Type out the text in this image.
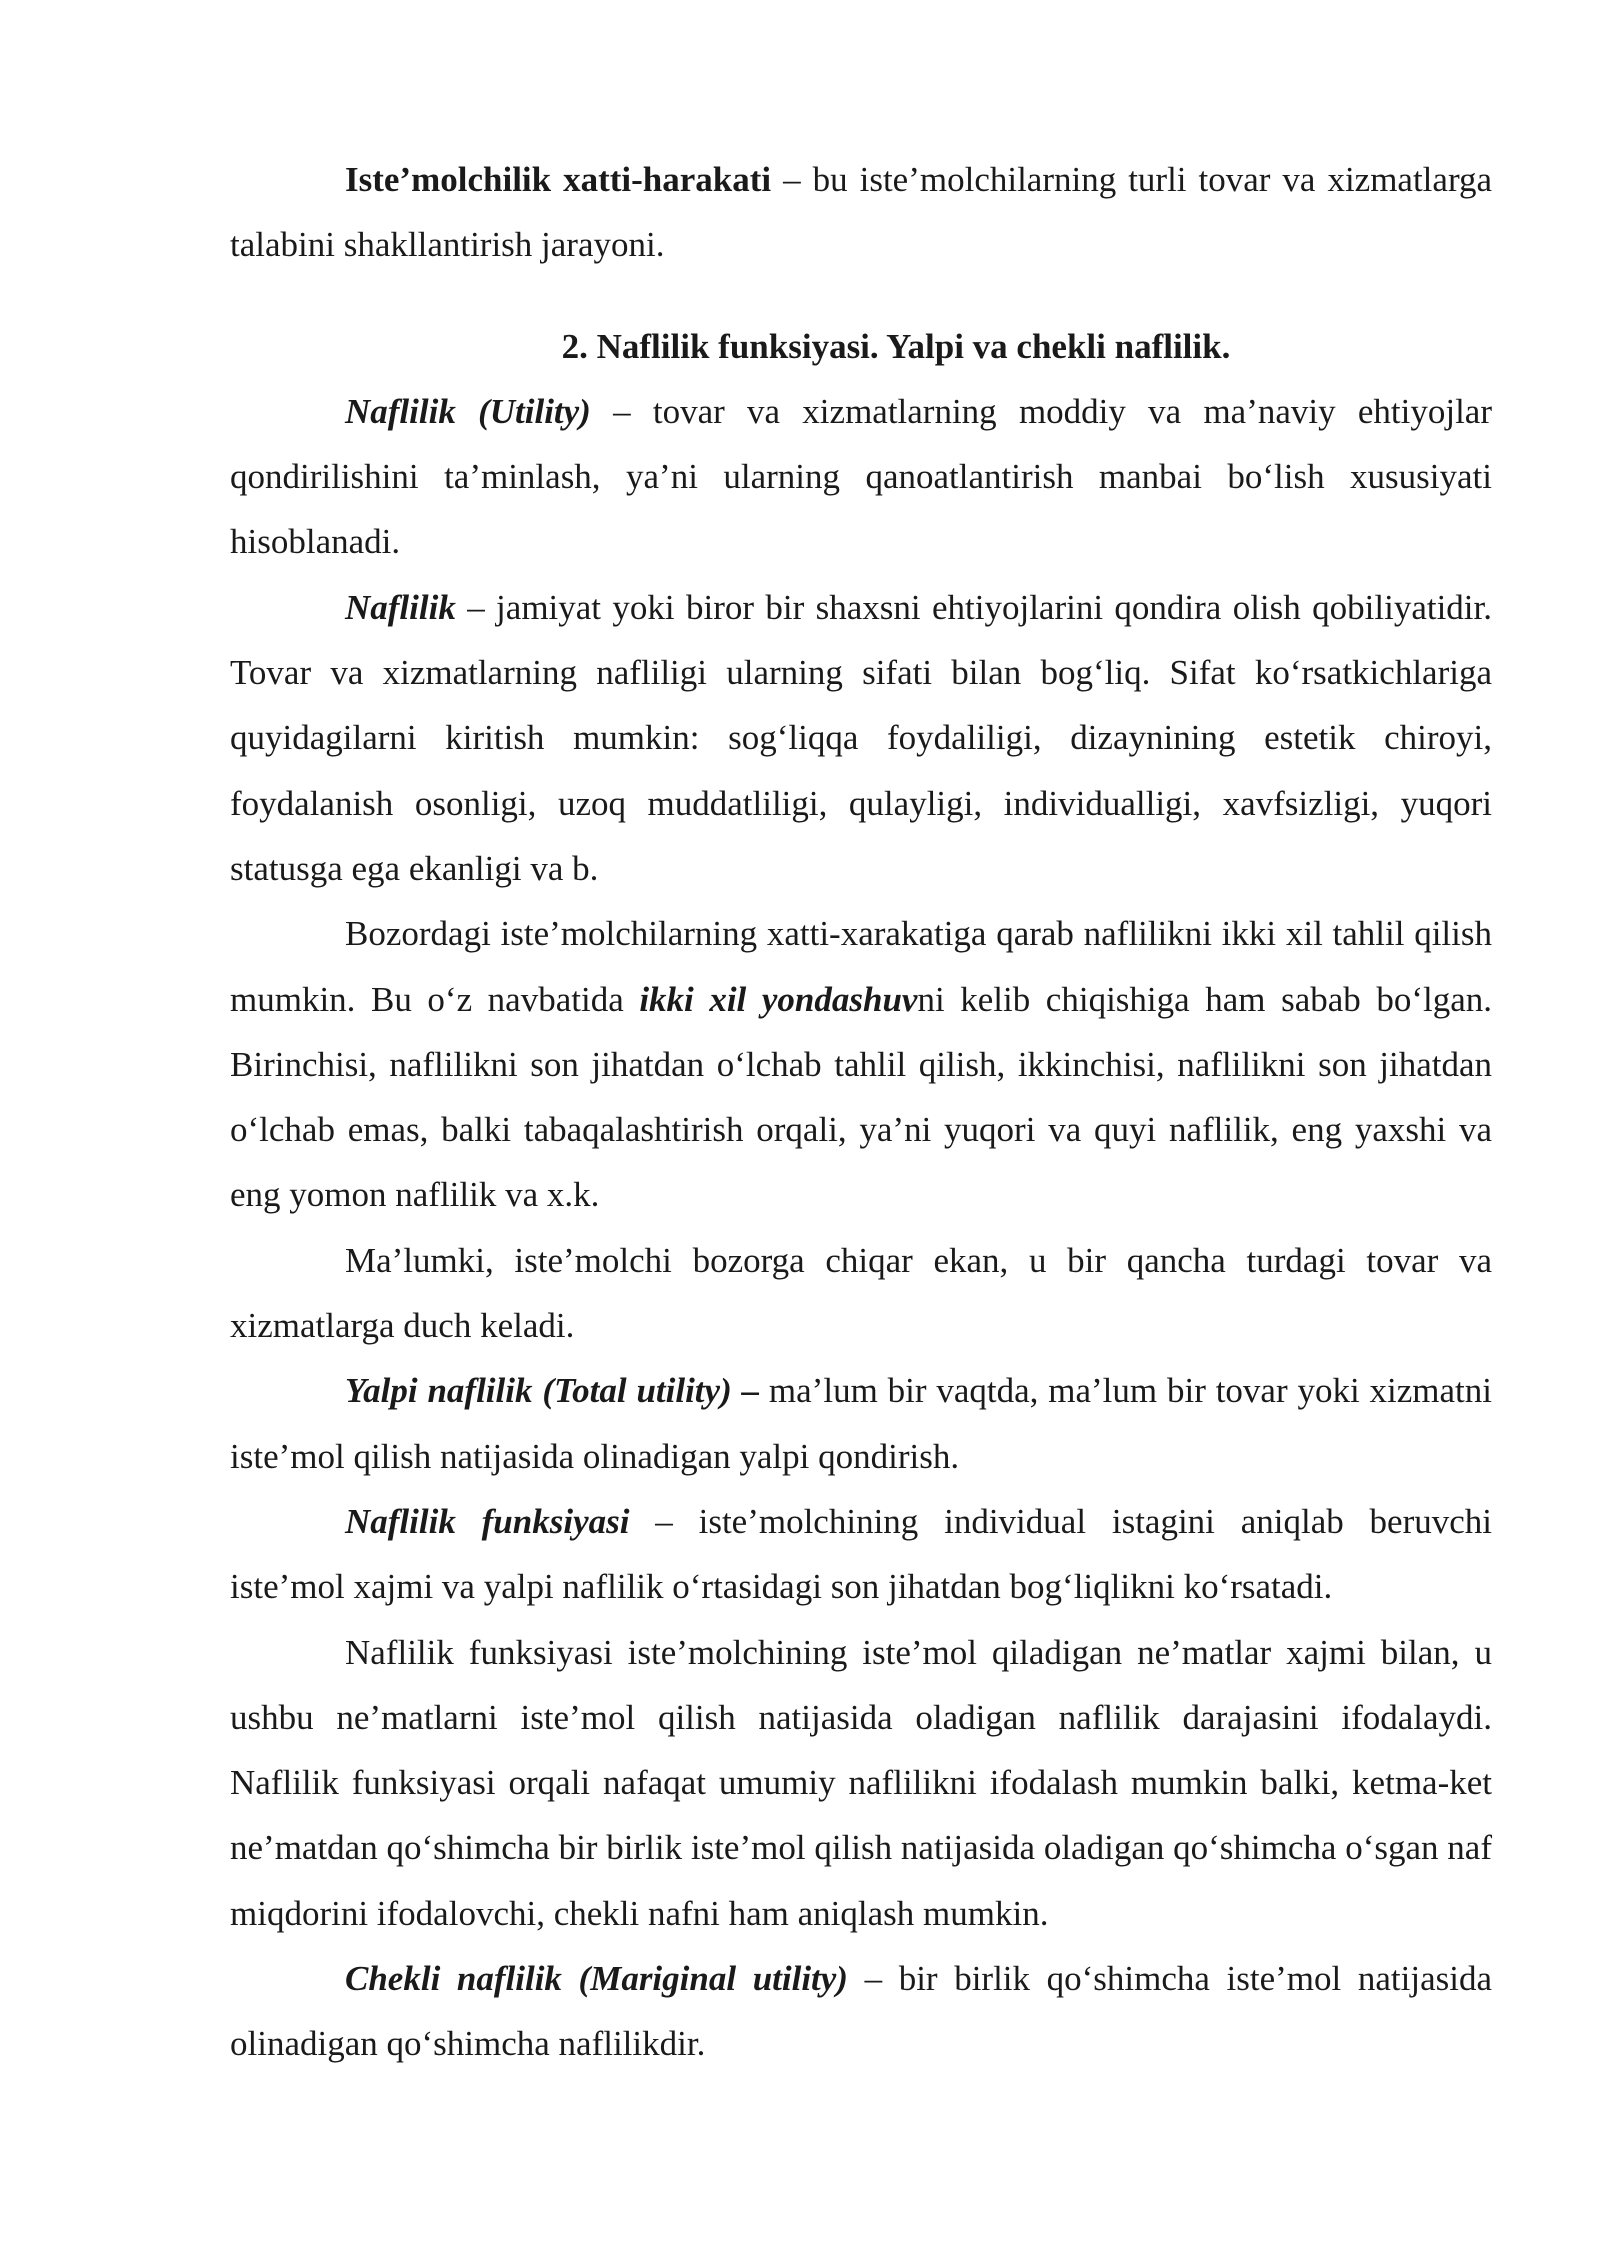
Iste’molchilik xatti-harakati – bu iste’molchilarning turli tovar va xizmatlarga talabini shakllantirish jarayoni.

2. Naflilik funksiyasi. Yalpi va chekli naflilik.

Naflilik (Utility) – tovar va xizmatlarning moddiy va ma’naviy ehtiyojlar qondirilishini ta’minlash, ya’ni ularning qanoatlantirish manbai bo‘lish xususiyati hisoblanadi.

Naflilik – jamiyat yoki biror bir shaxsni ehtiyojlarini qondira olish qobiliyatidir. Tovar va xizmatlarning nafliligi ularning sifati bilan bog‘liq. Sifat ko‘rsatkichlariga quyidagilarni kiritish mumkin: sog‘liqqa foydaliligi, dizaynining estetik chiroyi, foydalanish osonligi, uzoq muddatliligi, qulayligi, individualligi, xavfsizligi, yuqori statusga ega ekanligi va b.

Bozordagi iste’molchilarning xatti-xarakatiga qarab naflilikni ikki xil tahlil qilish mumkin. Bu o‘z navbatida ikki xil yondashuvni kelib chiqishiga ham sabab bo‘lgan. Birinchisi, naflilikni son jihatdan o‘lchab tahlil qilish, ikkinchisi, naflilikni son jihatdan o‘lchab emas, balki tabaqalashtirish orqali, ya’ni yuqori va quyi naflilik, eng yaxshi va eng yomon naflilik va x.k.

Ma’lumki, iste’molchi bozorga chiqar ekan, u bir qancha turdagi tovar va xizmatlarga duch keladi.

Yalpi naflilik (Total utility) – ma’lum bir vaqtda, ma’lum bir tovar yoki xizmatni iste’mol qilish natijasida olinadigan yalpi qondirish.

Naflilik funksiyasi – iste’molchining individual istagini aniqlab beruvchi iste’mol xajmi va yalpi naflilik o‘rtasidagi son jihatdan bog‘liqlikni ko‘rsatadi.

Naflilik funksiyasi iste’molchining iste’mol qiladigan ne’matlar xajmi bilan, u ushbu ne’matlarni iste’mol qilish natijasida oladigan naflilik darajasini ifodalaydi. Naflilik funksiyasi orqali nafaqat umumiy naflilikni ifodalash mumkin balki, ketma-ket ne’matdan qo‘shimcha bir birlik iste’mol qilish natijasida oladigan qo‘shimcha o‘sgan naf miqdorini ifodalovchi, chekli nafni ham aniqlash mumkin.

Chekli naflilik (Mariginal utility) – bir birlik qo‘shimcha iste’mol natijasida olinadigan qo‘shimcha naflilikdir.
